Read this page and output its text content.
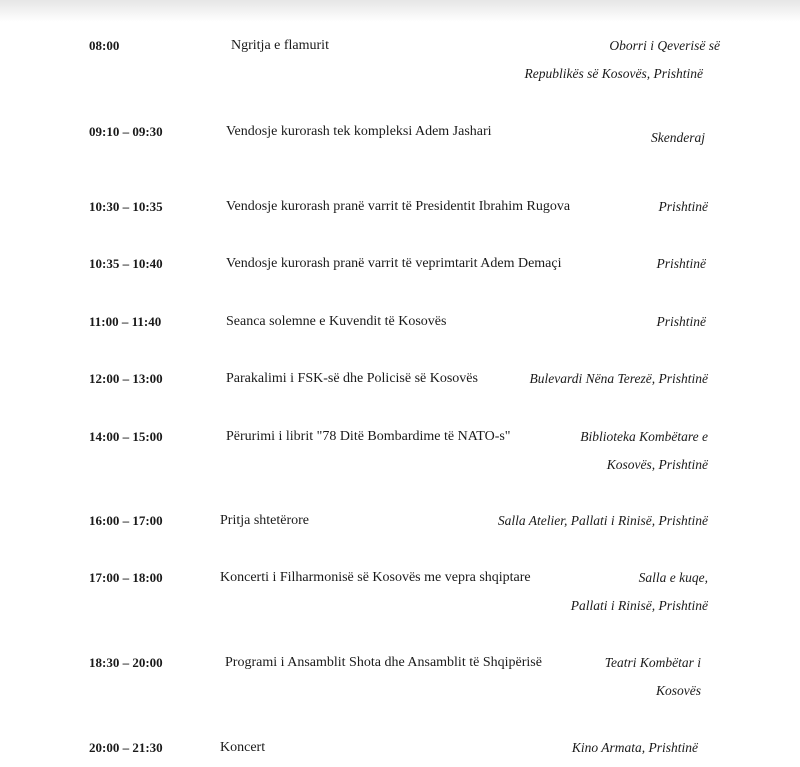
08:00	Ngritja e flamurit	Oborri i Qeverisë së
Republikës së Kosovës, Prishtinë
09:10 – 09:30	Vendosje kurorash tek kompleksi Adem Jashari	Skenderaj
10:30 – 10:35	Vendosje kurorash pranë varrit të Presidentit Ibrahim Rugova	Prishtinë
10:35 – 10:40	Vendosje kurorash pranë varrit të veprimtarit Adem Demaçi	Prishtinë
11:00 – 11:40	Seanca solemne e Kuvendit të Kosovës	Prishtinë
12:00 – 13:00	Parakalimi i FSK-së dhe Policisë së Kosovës	Bulevardi Nëna Terezë, Prishtinë
14:00 – 15:00	Përurimi i librit "78 Ditë Bombardime të NATO-s"	Biblioteka Kombëtare e
Kosovës, Prishtinë
16:00 – 17:00	Pritja shtetërore	Salla Atelier, Pallati i Rinisë, Prishtinë
17:00 – 18:00	Koncerti i Filharmonisë së Kosovës me vepra shqiptare	Salla e kuqe,
Pallati i Rinisë, Prishtinë
18:30 – 20:00	Programi i Ansamblit Shota dhe Ansamblit të Shqipërisë	Teatri Kombëtar i
Kosovës
20:00 – 21:30	Koncert	Kino Armata, Prishtinë
